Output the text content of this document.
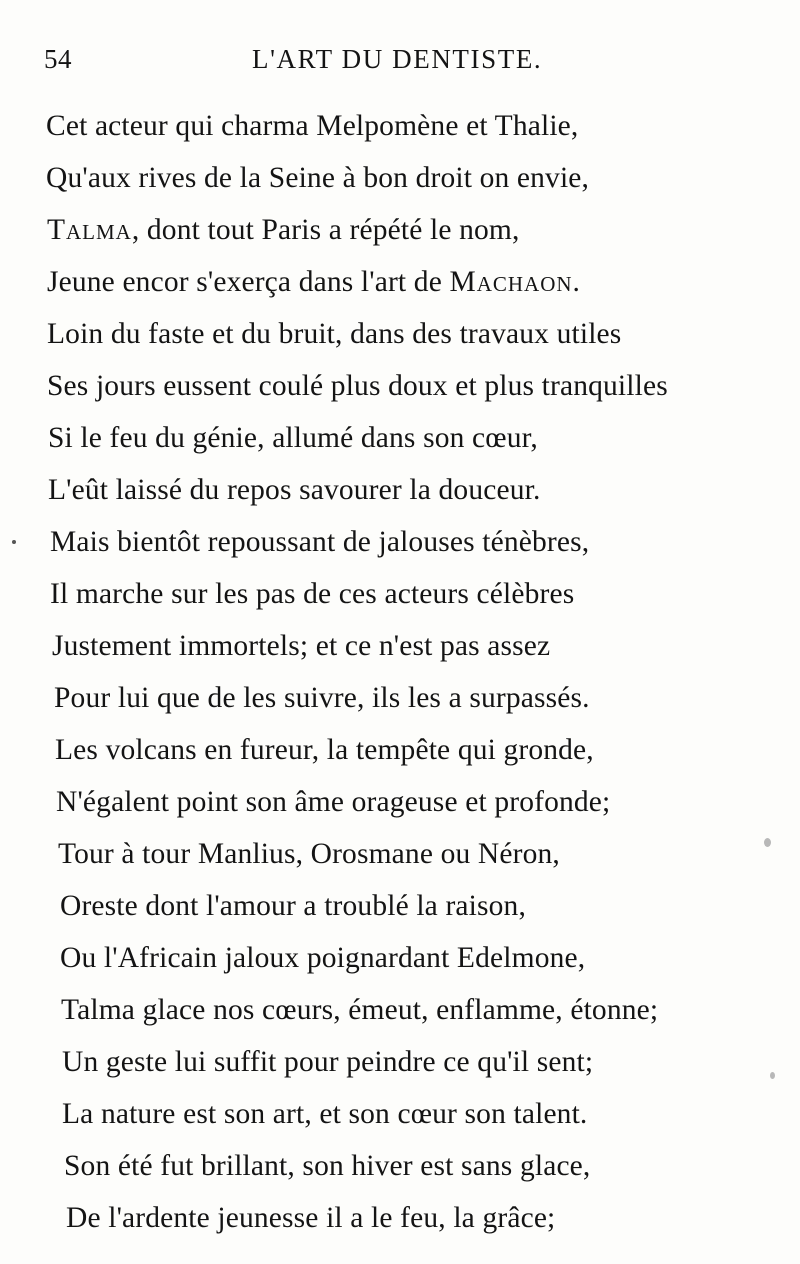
54	L'ART DU DENTISTE.
Cet acteur qui charma Melpomène et Thalie,
Qu'aux rives de la Seine à bon droit on envie,
Talma, dont tout Paris a répété le nom,
Jeune encor s'exerça dans l'art de Machaon.
Loin du faste et du bruit, dans des travaux utiles
Ses jours eussent coulé plus doux et plus tranquilles
Si le feu du génie, allumé dans son cœur,
L'eût laissé du repos savourer la douceur.
Mais bientôt repoussant de jalouses ténèbres,
Il marche sur les pas de ces acteurs célèbres
Justement immortels; et ce n'est pas assez
Pour lui que de les suivre, ils les a surpassés.
Les volcans en fureur, la tempête qui gronde,
N'égalent point son âme orageuse et profonde;
Tour à tour Manlius, Orosmane ou Néron,
Oreste dont l'amour a troublé la raison,
Ou l'Africain jaloux poignardant Edelmone,
Talma glace nos cœurs, émeut, enflamme, étonne;
Un geste lui suffit pour peindre ce qu'il sent;
La nature est son art, et son cœur son talent.
Son été fut brillant, son hiver est sans glace,
De l'ardente jeunesse il a le feu, la grâce;
